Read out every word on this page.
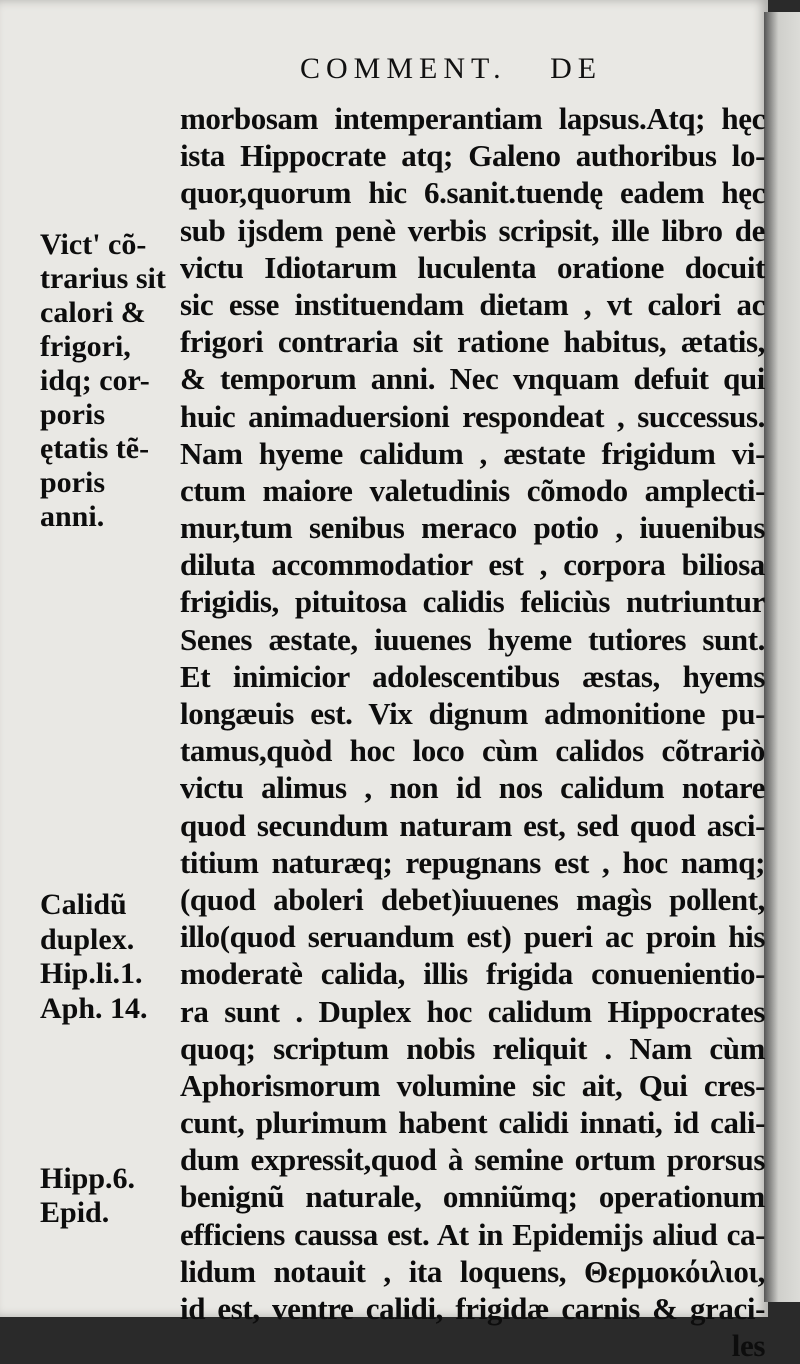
COMMENT. DE
morbosam intemperantiam lapsus.Atq; hęc
ista Hippocrate atq; Galeno authoribus lo-
quor,quorum hic 6.sanit.tuendę eadem hęc
sub ijsdem penè verbis scripsit, ille libro de
victu Idiotarum luculenta oratione docuit
sic esse instituendam dietam , vt calori ac
frigori contraria sit ratione habitus, ætatis,
& temporum anni. Nec vnquam defuit qui
huic animaduersioni respondeat , successus.
Nam hyeme calidum , æstate frigidum vi-
ctum maiore valetudinis cõmodo amplecti-
mur,tum senibus meraco potio , iuuenibus
diluta accommodatior est , corpora biliosa
frigidis, pituitosa calidis feliciùs nutriuntur
Senes æstate, iuuenes hyeme tutiores sunt.
Et inimicior adolescentibus æstas, hyems
longæuis est. Vix dignum admonitione pu-
tamus,quòd hoc loco cùm calidos cõtrariò
victu alimus , non id nos calidum notare
quod secundum naturam est, sed quod asci-
titium naturæq; repugnans est , hoc namq;
(quod aboleri debet)iuuenes magìs pollent,
illo(quod seruandum est) pueri ac proin his
moderatè calida, illis frigida conuenientio-
ra sunt . Duplex hoc calidum Hippocrates
quoq; scriptum nobis reliquit . Nam cùm
Aphorismorum volumine sic ait, Qui cres-
cunt, plurimum habent calidi innati, id cali-
dum expressit,quod à semine ortum prorsus
benignũ naturale, omniũmq; operationum
efficiens caussa est. At in Epidemijs aliud ca-
lidum notauit , ita loquens, Θερμοκόιλιοι,
id est, ventre calidi, frigidæ carnis & graci-
les
Vict' cõ-
trarius sit
calori &
frigori,
idq; cor-
poris
ętatis tẽ-
poris
anni.
Calidũ
duplex.
Hip.li.1.
Aph. 14.
Hipp.6.
Epid.
